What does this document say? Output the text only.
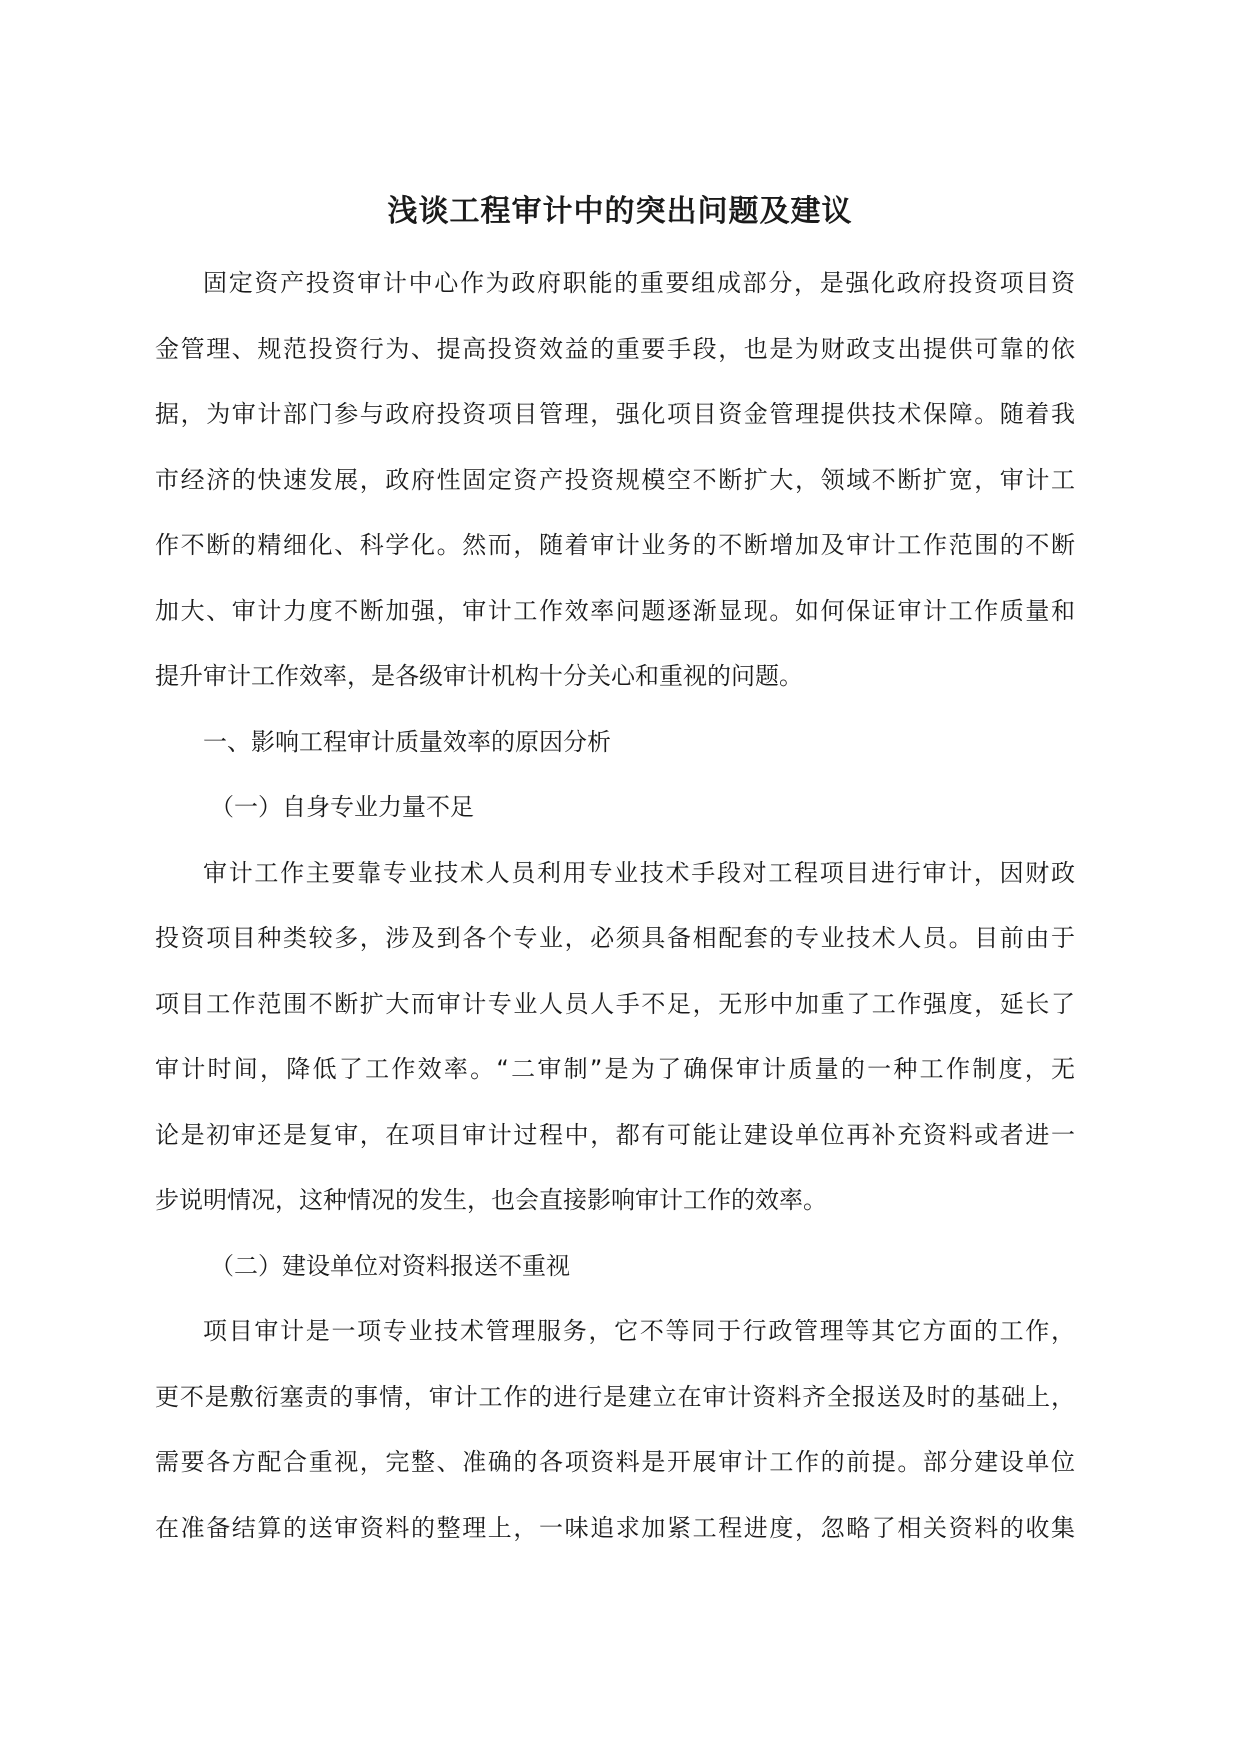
浅谈工程审计中的突出问题及建议
固定资产投资审计中心作为政府职能的重要组成部分，是强化政府投资项目资
金管理、规范投资行为、提高投资效益的重要手段，也是为财政支出提供可靠的依
据，为审计部门参与政府投资项目管理，强化项目资金管理提供技术保障。随着我
市经济的快速发展，政府性固定资产投资规模空不断扩大，领域不断扩宽，审计工
作不断的精细化、科学化。然而，随着审计业务的不断增加及审计工作范围的不断
加大、审计力度不断加强，审计工作效率问题逐渐显现。如何保证审计工作质量和
提升审计工作效率，是各级审计机构十分关心和重视的问题。
一、影响工程审计质量效率的原因分析
（一）自身专业力量不足
审计工作主要靠专业技术人员利用专业技术手段对工程项目进行审计，因财政
投资项目种类较多，涉及到各个专业，必须具备相配套的专业技术人员。目前由于
项目工作范围不断扩大而审计专业人员人手不足，无形中加重了工作强度，延长了
审计时间，降低了工作效率。“二审制”是为了确保审计质量的一种工作制度，无
论是初审还是复审，在项目审计过程中，都有可能让建设单位再补充资料或者进一
步说明情况，这种情况的发生，也会直接影响审计工作的效率。
（二）建设单位对资料报送不重视
项目审计是一项专业技术管理服务，它不等同于行政管理等其它方面的工作，
更不是敷衍塞责的事情，审计工作的进行是建立在审计资料齐全报送及时的基础上，
需要各方配合重视，完整、准确的各项资料是开展审计工作的前提。部分建设单位
在准备结算的送审资料的整理上，一味追求加紧工程进度，忽略了相关资料的收集
